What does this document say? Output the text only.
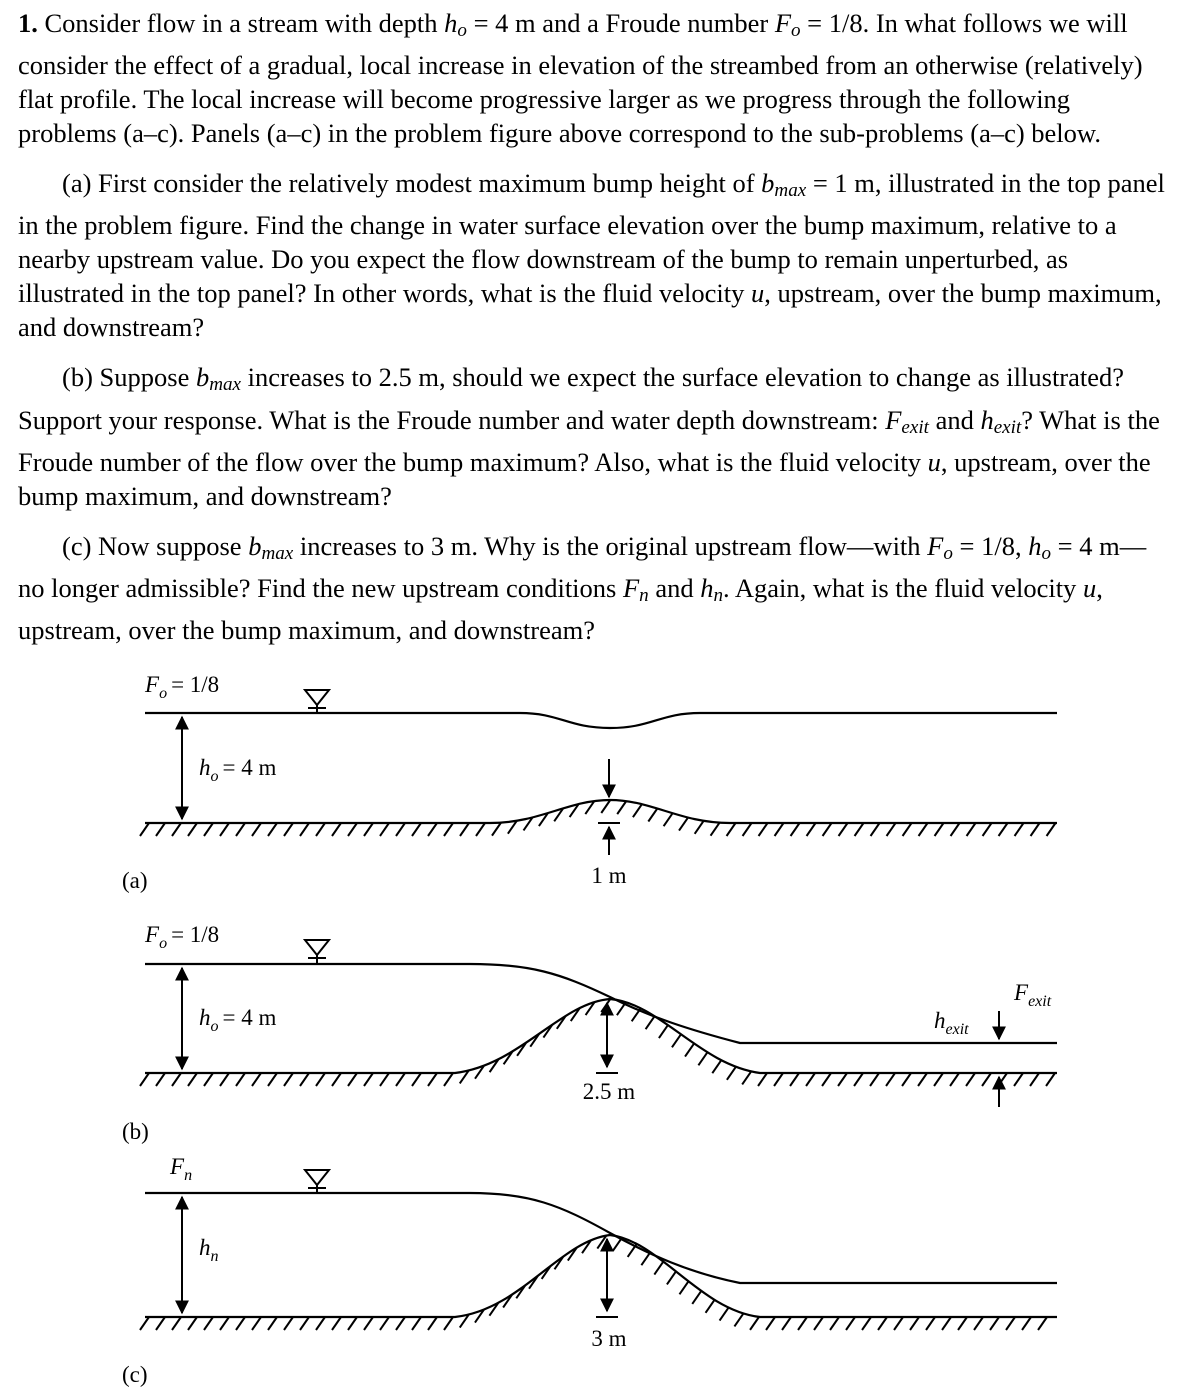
1. Consider flow in a stream with depth $h_o = 4$ m and a Froude number $F_o = 1/8$. In what follows we will consider the effect of a gradual, local increase in elevation of the streambed from an otherwise (relatively) flat profile. The local increase will become progressive larger as we progress through the following problems (a–c). Panels (a–c) in the problem figure above correspond to the sub-problems (a–c) below.

(a) First consider the relatively modest maximum bump height of $b_{max} = 1$ m, illustrated in the top panel in the problem figure. Find the change in water surface elevation over the bump maximum, relative to a nearby upstream value. Do you expect the flow downstream of the bump to remain unperturbed, as illustrated in the top panel? In other words, what is the fluid velocity u, upstream, over the bump maximum, and downstream?

(b) Suppose $b_{max}$ increases to 2.5 m, should we expect the surface elevation to change as illustrated? Support your response. What is the Froude number and water depth downstream: $F_{exit}$ and $h_{exit}$? What is the Froude number of the flow over the bump maximum? Also, what is the fluid velocity u, upstream, over the bump maximum, and downstream?

(c) Now suppose $b_{max}$ increases to 3 m. Why is the original upstream flow—with $F_o = 1/8$, $h_o = 4$ m—no longer admissible? Find the new upstream conditions $F_n$ and $h_n$. Again, what is the fluid velocity u, upstream, over the bump maximum, and downstream?

$F_o = 1/8$
$h_o = 4$ m
1 m
(a)
$F_o = 1/8$
$h_o = 4$ m
2.5 m
$F_{exit}$
$h_{exit}$
(b)
$F_n$
$h_n$
3 m
(c)
